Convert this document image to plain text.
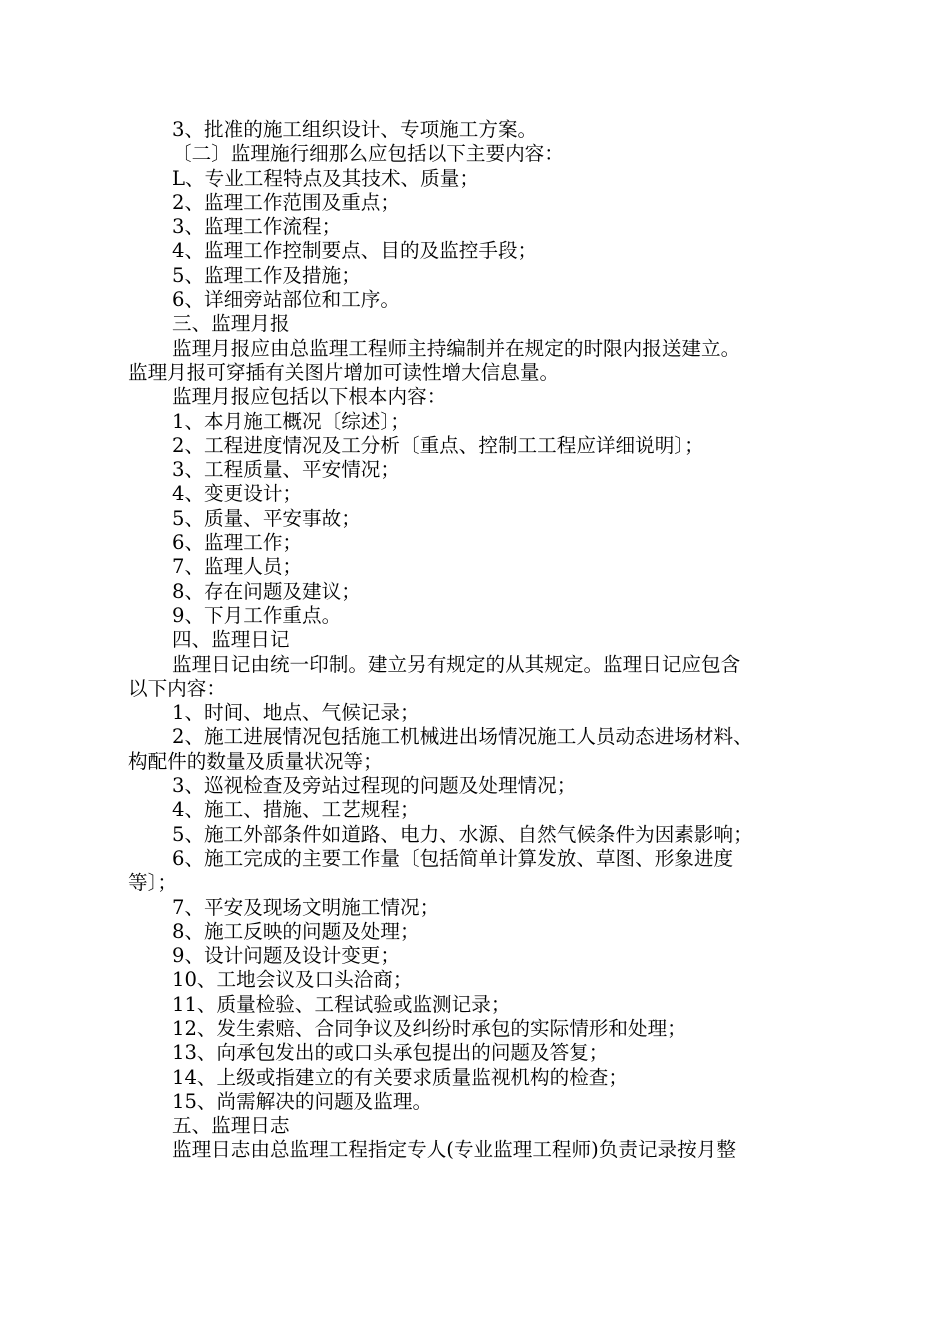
3、批准的施工组织设计、专项施工方案。
〔二〕监理施行细那么应包括以下主要内容：
L、专业工程特点及其技术、质量；
2、监理工作范围及重点；
3、监理工作流程；
4、监理工作控制要点、目的及监控手段；
5、监理工作及措施；
6、详细旁站部位和工序。
三、监理月报
监理月报应由总监理工程师主持编制并在规定的时限内报送建立。
监理月报可穿插有关图片增加可读性增大信息量。
监理月报应包括以下根本内容：
1、本月施工概况〔综述〕；
2、工程进度情况及工分析〔重点、控制工工程应详细说明〕；
3、工程质量、平安情况；
4、变更设计；
5、质量、平安事故；
6、监理工作；
7、监理人员；
8、存在问题及建议；
9、下月工作重点。
四、监理日记
监理日记由统一印制。建立另有规定的从其规定。监理日记应包含
以下内容：
1、时间、地点、气候记录；
2、施工进展情况包括施工机械进出场情况施工人员动态进场材料、
构配件的数量及质量状况等；
3、巡视检查及旁站过程现的问题及处理情况；
4、施工、措施、工艺规程；
5、施工外部条件如道路、电力、水源、自然气候条件为因素影响；
6、施工完成的主要工作量〔包括简单计算发放、草图、形象进度
等〕；
7、平安及现场文明施工情况；
8、施工反映的问题及处理；
9、设计问题及设计变更；
10、工地会议及口头洽商；
11、质量检验、工程试验或监测记录；
12、发生索赔、合同争议及纠纷时承包的实际情形和处理；
13、向承包发出的或口头承包提出的问题及答复；
14、上级或指建立的有关要求质量监视机构的检查；
15、尚需解决的问题及监理。
五、监理日志
监理日志由总监理工程指定专人(专业监理工程师)负责记录按月整
